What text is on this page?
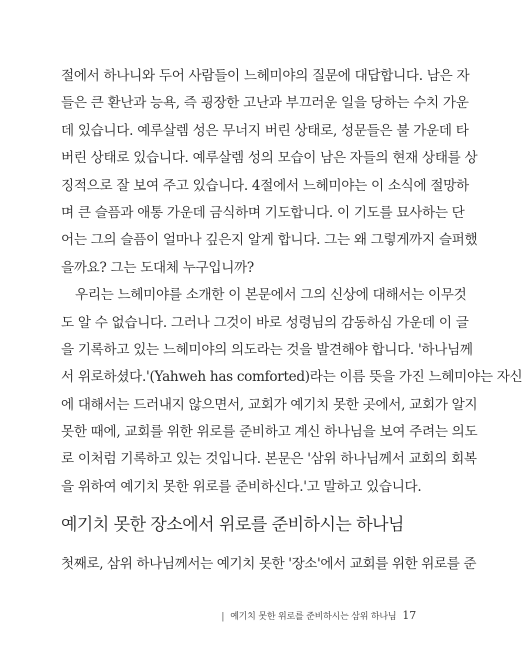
절에서 하나니와 두어 사람들이 느헤미야의 질문에 대답합니다. 남은 자
들은 큰 환난과 능욕, 즉 굉장한 고난과 부끄러운 일을 당하는 수치 가운
데 있습니다. 예루살렘 성은 무너지 버린 상태로, 성문들은 불 가운데 타
버린 상태로 있습니다. 예루살렘 성의 모습이 남은 자들의 현재 상태를 상
징적으로 잘 보여 주고 있습니다. 4절에서 느헤미야는 이 소식에 절망하
며 큰 슬픔과 애통 가운데 금식하며 기도합니다. 이 기도를 묘사하는 단
어는 그의 슬픔이 얼마나 깊은지 알게 합니다. 그는 왜 그렇게까지 슬퍼했
을까요? 그는 도대체 누구입니까?
우리는 느헤미야를 소개한 이 본문에서 그의 신상에 대해서는 이무것
도 알 수 없습니다. 그러나 그것이 바로 성령님의 감동하심 가운데 이 글
을 기록하고 있는 느헤미야의 의도라는 것을 발견해야 합니다. '하나님께
서 위로하셨다.'(Yahweh has comforted)라는 이름 뜻을 가진 느헤미야는 자신
에 대해서는 드러내지 않으면서, 교회가 예기치 못한 곳에서, 교회가 알지
못한 때에, 교회를 위한 위로를 준비하고 계신 하나님을 보여 주려는 의도
로 이처럼 기록하고 있는 것입니다. 본문은 '삼위 하나님께서 교회의 회복
을 위하여 예기치 못한 위로를 준비하신다.'고 말하고 있습니다.
예기치 못한 장소에서 위로를 준비하시는 하나님
첫째로, 삼위 하나님께서는 예기치 못한 '장소'에서 교회를 위한 위로를 준
| 예기치 못한 위로를 준비하시는 삼위 하나님 17
